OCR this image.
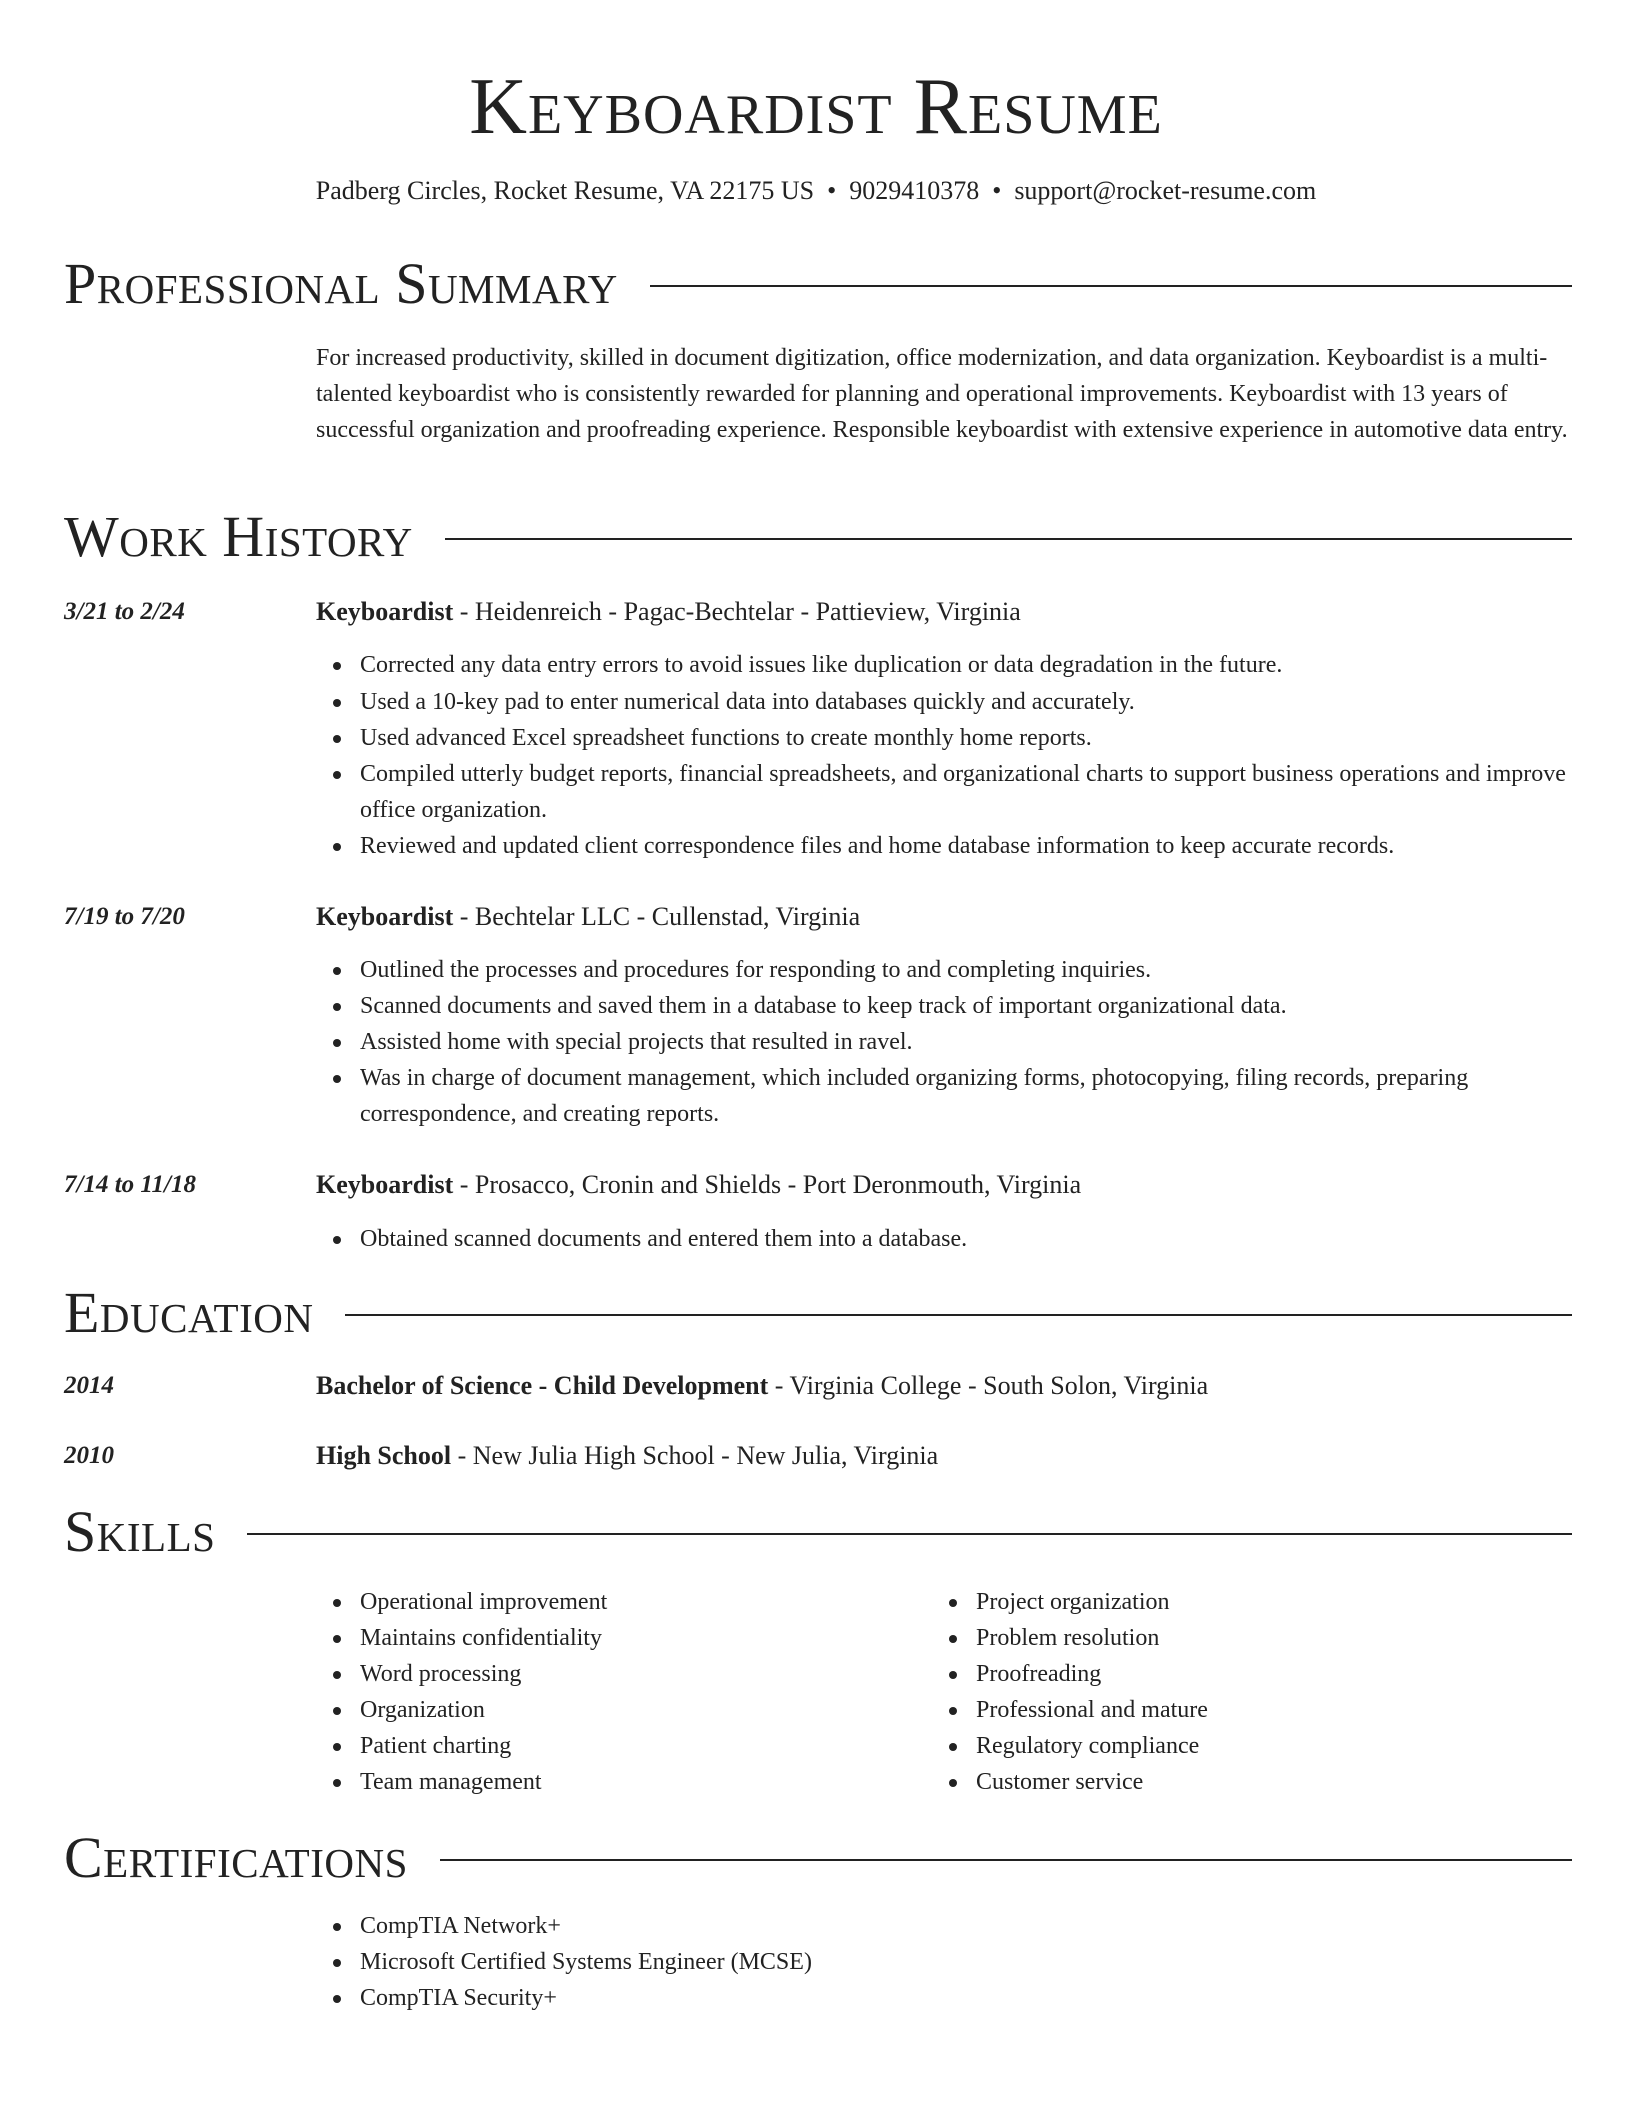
Keyboardist Resume
Padberg Circles, Rocket Resume, VA 22175 US • 9029410378 • support@rocket-resume.com
Professional Summary
For increased productivity, skilled in document digitization, office modernization, and data organization. Keyboardist is a multi-talented keyboardist who is consistently rewarded for planning and operational improvements. Keyboardist with 13 years of successful organization and proofreading experience. Responsible keyboardist with extensive experience in automotive data entry.
Work History
3/21 to 2/24	Keyboardist - Heidenreich - Pagac-Bechtelar - Pattieview, Virginia
Corrected any data entry errors to avoid issues like duplication or data degradation in the future.
Used a 10-key pad to enter numerical data into databases quickly and accurately.
Used advanced Excel spreadsheet functions to create monthly home reports.
Compiled utterly budget reports, financial spreadsheets, and organizational charts to support business operations and improve office organization.
Reviewed and updated client correspondence files and home database information to keep accurate records.
7/19 to 7/20	Keyboardist - Bechtelar LLC - Cullenstad, Virginia
Outlined the processes and procedures for responding to and completing inquiries.
Scanned documents and saved them in a database to keep track of important organizational data.
Assisted home with special projects that resulted in ravel.
Was in charge of document management, which included organizing forms, photocopying, filing records, preparing correspondence, and creating reports.
7/14 to 11/18	Keyboardist - Prosacco, Cronin and Shields - Port Deronmouth, Virginia
Obtained scanned documents and entered them into a database.
Education
2014	Bachelor of Science - Child Development - Virginia College - South Solon, Virginia
2010	High School - New Julia High School - New Julia, Virginia
Skills
Operational improvement
Maintains confidentiality
Word processing
Organization
Patient charting
Team management
Project organization
Problem resolution
Proofreading
Professional and mature
Regulatory compliance
Customer service
Certifications
CompTIA Network+
Microsoft Certified Systems Engineer (MCSE)
CompTIA Security+
